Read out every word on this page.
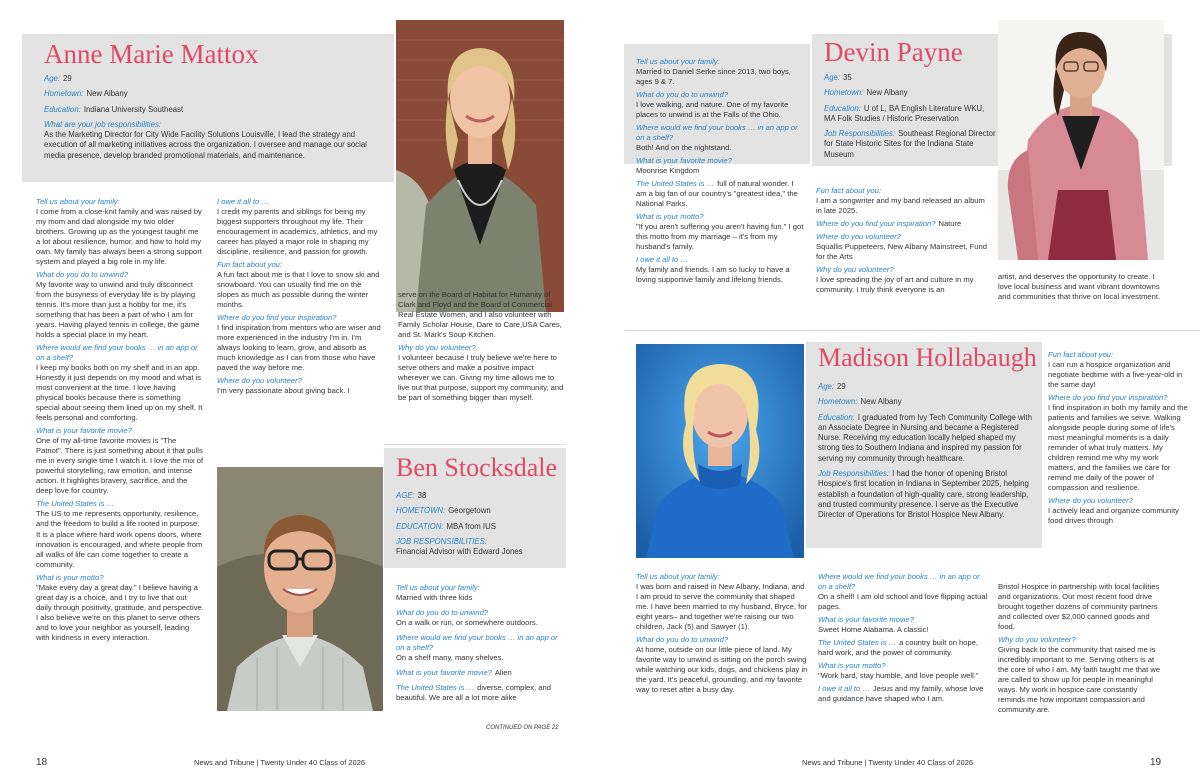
Anne Marie Mattox

Age: 29

Hometown: New Albany

Education: Indiana University Southeast

What are your job responsibilities:

As the Marketing Director for City Wide Facility Solutions Louisville, I lead the strategy and execution of all marketing initiatives across the organization. I oversee and manage our social media presence, develop branded promotional materials, and maintenance.

Tell us about your family:

I come from a close-knit family and was raised by my mom and dad alongside my two older brothers. Growing up as the youngest taught me a lot about resilience, humor, and how to hold my own. My family has always been a strong support system and played a big role in my life.

What do you do to unwind?

My favorite way to unwind and truly disconnect from the busyness of everyday life is by playing tennis. It's more than just a hobby for me, it's something that has been a part of who I am for years. Having played tennis in college, the game holds a special place in my heart.

Where would we find your books … in an app or on a shelf?

I keep my books both on my shelf and in an app. Honestly it just depends on my mood and what is most convenient at the time. I love having physical books because there is something special about seeing them lined up on my shelf. It feels personal and comforting.

What is your favorite movie?

One of my all-time favorite movies is "The Patriot". There is just something about it that pulls me in every single time I watch it. I love the mix of powerful storytelling, raw emotion, and intense action. It highlights bravery, sacrifice, and the deep love for country.

The United States is …

The US to me represents opportunity, resilience, and the freedom to build a life rooted in purpose. It is a place where hard work opens doors, where innovation is encouraged, and where people from all walks of life can come together to create a community.

What is your motto?

"Make every day a great day." I believe having a great day is a choice, and I try to live that out daily through positivity, gratitude, and perspective. I also believe we're on this planet to serve others and to love your neighbor as yourself, leading with kindness in every interaction.

I owe it all to …

I credit my parents and siblings for being my biggest supporters throughout my life. Their encouragement in academics, athletics, and my career has played a major role in shaping my discipline, resilience, and passion for growth.

Fun fact about you:

A fun fact about me is that I love to snow ski and snowboard. You can usually find me on the slopes as much as possible during the winter months.

Where do you find your inspiration?

I find inspiration from mentors who are wiser and more experienced in the industry I'm in. I'm always looking to learn, grow, and absorb as much knowledge as I can from those who have paved the way before me.

Where do you volunteer?

I'm very passionate about giving back. I

serve on the Board of Habitat for Humanity of Clark and Floyd and the Board of Commercial Real Estate Women, and I also volunteer with Family Scholar House, Dare to Care,USA Cares, and St. Mark's Soup Kitchen.

Why do you volunteer?

I volunteer because I truly believe we're here to serve others and make a positive impact wherever we can. Giving my time allows me to live out that purpose, support my community, and be part of something bigger than myself.

Ben Stocksdale

AGE: 38

HOMETOWN: Georgetown

EDUCATION: MBA from IUS

JOB RESPONSIBILITIES:

Financial Advisor with Edward Jones

Tell us about your family:

Married with three kids

What do you do to unwind?

On a walk or run, or somewhere outdoors.

Where would we find your books … in an app or on a shelf?

On a shelf many, many shelves.

What is your favorite movie? Alien

The United States is … diverse, complex, and beautiful. We are all a lot more alike

CONTINUED ON PAGE 22
18	News and Tribune | Twenty Under 40 Class of 2026

Tell us about your family:

Married to Daniel Serke since 2013, two boys, ages 9 & 7.

What do you do to unwind?

I love walking, and nature. One of my favorite places to unwind is at the Falls of the Ohio.

Where would we find your books … in an app or on a shelf?

Both! And on the nightstand.

What is your favorite movie?

Moonrise Kingdom

The United States is … full of natural wonder. I am a big fan of our country's "greatest idea," the National Parks.

What is your motto?

"If you aren't suffering you aren't having fun." I got this motto from my marriage – it's from my husband's family.

I owe it all to …

My family and friends. I am so lucky to have a loving supportive family and lifelong friends.

Devin Payne

Age: 35

Hometown: New Albany

Education: U of L, BA English Literature WKU, MA Folk Studies / Historic Preservation

Job Responsibilities: Southeast Regional Director for State Historic Sites for the Indiana State Museum

Fun fact about you:

I am a songwriter and my band released an album in late 2025.

Where do you find your inspiration? Nature

Where do you volunteer?

Squallis Puppeteers, New Albany Mainstreet, Fund for the Arts

Why do you volunteer?

I love spreading the joy of art and culture in my community. I truly think everyone is an

artist, and deserves the opportunity to create. I love local business and want vibrant downtowns and communities that thrive on local investment.

Madison Hollabaugh

Age: 29

Hometown: New Albany

Education: I graduated from Ivy Tech Community College with an Associate Degree in Nursing and became a Registered Nurse. Receiving my education locally helped shaped my strong ties to Southern Indiana and inspired my passion for serving my community through healthcare.

Job Responsibilities: I had the honor of opening Bristol Hospice's first location in Indiana in September 2025, helping establish a foundation of high-quality care, strong leadership, and trusted community presence. I serve as the Executive Director of Operations for Bristol Hospice New Albany.

Fun fact about you:

I can run a hospice organization and negotiate bedtime with a five-year-old in the same day!

Where do you find your inspiration?

I find inspiration in both my family and the patients and families we serve. Walking alongside people during some of life's most meaningful moments is a daily reminder of what truly matters. My children remind me why my work matters, and the families we care for remind me daily of the power of compassion and resilience.

Where do you volunteer?

I actively lead and organize community food drives through

Tell us about your family:

I was born and raised in New Albany, Indiana, and I am proud to serve the community that shaped me. I have been married to my husband, Bryce, for eight years– and together we're raising our two children, Jack (5) and Sawyer (1).

What do you do to unwind?

At home, outside on our little piece of land. My favorite way to unwind is sitting on the porch swing while watching our kids, dogs, and chickens play in the yard. It's peaceful, grounding, and my favorite way to reset after a busy day.

Where would we find your books … in an app or on a shelf?

On a shelf! I am old school and love flipping actual pages.

What is your favorite movie?

Sweet Home Alabama. A classic!

The United States is … a country built on hope, hard work, and the power of community.

What is your motto?

"Work hard, stay humble, and love people well."

I owe it all to … Jesus and my family, whose love and guidance have shaped who I am.

Bristol Hospice in partnership with local facilities and organizations. Our most recent food drive brought together dozens of community partners and collected over $2,000 canned goods and food.

Why do you volunteer?

Giving back to the community that raised me is incredibly important to me. Serving others is at the core of who I am. My faith taught me that we are called to show up for people in meaningful ways. My work in hospice care constantly reminds me how important compassion and community are.

News and Tribune | Twenty Under 40 Class of 2026	19
